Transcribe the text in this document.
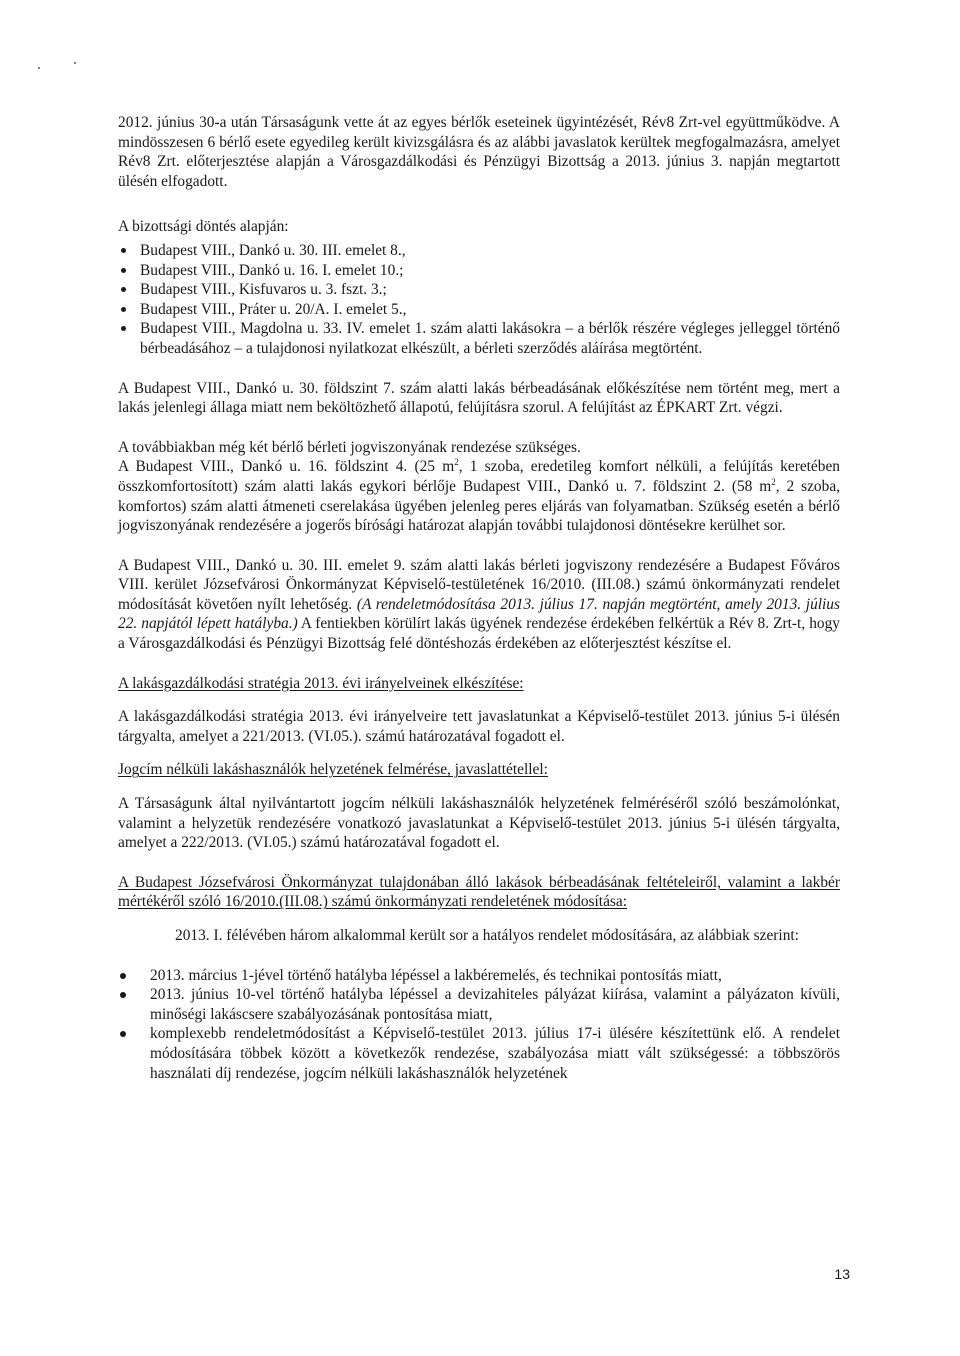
2012. június 30-a után Társaságunk vette át az egyes bérlők eseteinek ügyintézését, Rév8 Zrt-vel együttműködve. A mindösszesen 6 bérlő esete egyedileg került kivizsgálásra és az alábbi javaslatok kerültek megfogalmazásra, amelyet Rév8 Zrt. előterjesztése alapján a Városgazdálkodási és Pénzügyi Bizottság a 2013. június 3. napján megtartott ülésén elfogadott.

A bizottsági döntés alapján:

Budapest VIII., Dankó u. 30. III. emelet 8.,
Budapest VIII., Dankó u. 16. I. emelet 10.;
Budapest VIII., Kisfuvaros u. 3. fszt. 3.;
Budapest VIII., Práter u. 20/A. I. emelet 5.,
Budapest VIII., Magdolna u. 33. IV. emelet 1. szám alatti lakásokra – a bérlők részére végleges jelleggel történő bérbeadásához – a tulajdonosi nyilatkozat elkészült, a bérleti szerződés aláírása megtörtént.

A Budapest VIII., Dankó u. 30. földszint 7. szám alatti lakás bérbeadásának előkészítése nem történt meg, mert a lakás jelenlegi állaga miatt nem beköltözhető állapotú, felújításra szorul. A felújítást az ÉPKART Zrt. végzi.

A továbbiakban még két bérlő bérleti jogviszonyának rendezése szükséges.

A Budapest VIII., Dankó u. 16. földszint 4. (25 $m^2$, 1 szoba, eredetileg komfort nélküli, a felújítás keretében összkomfortosított) szám alatti lakás egykori bérlője Budapest VIII., Dankó u. 7. földszint 2. (58 $m^2$, 2 szoba, komfortos) szám alatti átmeneti cserelakása ügyében jelenleg peres eljárás van folyamatban. Szükség esetén a bérlő jogviszonyának rendezésére a jogerős bírósági határozat alapján további tulajdonosi döntésekre kerülhet sor.

A Budapest VIII., Dankó u. 30. III. emelet 9. szám alatti lakás bérleti jogviszony rendezésére a Budapest Főváros VIII. kerület Józsefvárosi Önkormányzat Képviselő-testületének 16/2010. (III.08.) számú önkormányzati rendelet módosítását követően nyílt lehetőség. (A rendeletmódosítása 2013. július 17. napján megtörtént, amely 2013. július 22. napjától lépett hatályba.) A fentiekben körülírt lakás ügyének rendezése érdekében felkértük a Rév 8. Zrt-t, hogy a Városgazdálkodási és Pénzügyi Bizottság felé döntéshozás érdekében az előterjesztést készítse el.

A lakásgazdálkodási stratégia 2013. évi irányelveinek elkészítése:

A lakásgazdálkodási stratégia 2013. évi irányelveire tett javaslatunkat a Képviselő-testület 2013. június 5-i ülésén tárgyalta, amelyet a 221/2013. (VI.05.). számú határozatával fogadott el.

Jogcím nélküli lakáshasználók helyzetének felmérése, javaslattétellel:

A Társaságunk által nyilvántartott jogcím nélküli lakáshasználók helyzetének felméréséről szóló beszámolónkat, valamint a helyzetük rendezésére vonatkozó javaslatunkat a Képviselő-testület 2013. június 5-i ülésén tárgyalta, amelyet a 222/2013. (VI.05.) számú határozatával fogadott el.

A Budapest Józsefvárosi Önkormányzat tulajdonában álló lakások bérbeadásának feltételeiről, valamint a lakbér mértékéről szóló 16/2010.(III.08.) számú önkormányzati rendeletének módosítása:

2013. I. félévében három alkalommal került sor a hatályos rendelet módosítására, az alábbiak szerint:

2013. március 1-jével történő hatályba lépéssel a lakbéremelés, és technikai pontosítás miatt,
2013. június 10-vel történő hatályba lépéssel a devizahiteles pályázat kiírása, valamint a pályázaton kívüli, minőségi lakáscsere szabályozásának pontosítása miatt,
komplexebb rendeletmódosítást a Képviselő-testület 2013. július 17-i ülésére készítettünk elő. A rendelet módosítására többek között a következők rendezése, szabályozása miatt vált szükségessé: a többszörös használati díj rendezése, jogcím nélküli lakáshasználók helyzetének
13
